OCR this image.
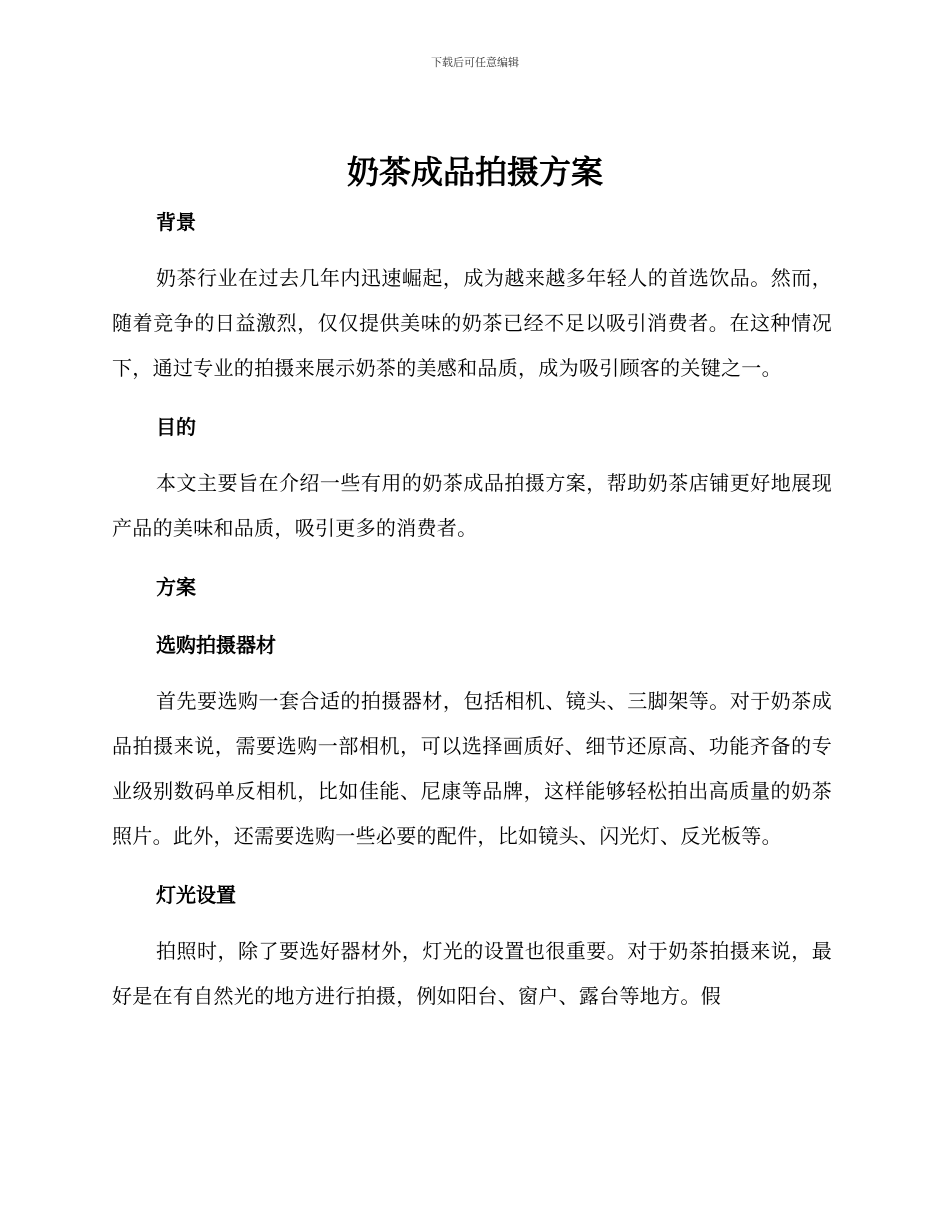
下载后可任意编辑
奶茶成品拍摄方案
背景

奶茶行业在过去几年内迅速崛起，成为越来越多年轻人的首选饮品。然而，随着竞争的日益激烈，仅仅提供美味的奶茶已经不足以吸引消费者。在这种情况下，通过专业的拍摄来展示奶茶的美感和品质，成为吸引顾客的关键之一。

目的

本文主要旨在介绍一些有用的奶茶成品拍摄方案，帮助奶茶店铺更好地展现产品的美味和品质，吸引更多的消费者。

方案
选购拍摄器材

首先要选购一套合适的拍摄器材，包括相机、镜头、三脚架等。对于奶茶成品拍摄来说，需要选购一部相机，可以选择画质好、细节还原高、功能齐备的专业级别数码单反相机，比如佳能、尼康等品牌，这样能够轻松拍出高质量的奶茶照片。此外，还需要选购一些必要的配件，比如镜头、闪光灯、反光板等。

灯光设置

拍照时，除了要选好器材外，灯光的设置也很重要。对于奶茶拍摄来说，最好是在有自然光的地方进行拍摄，例如阳台、窗户、露台等地方。假
